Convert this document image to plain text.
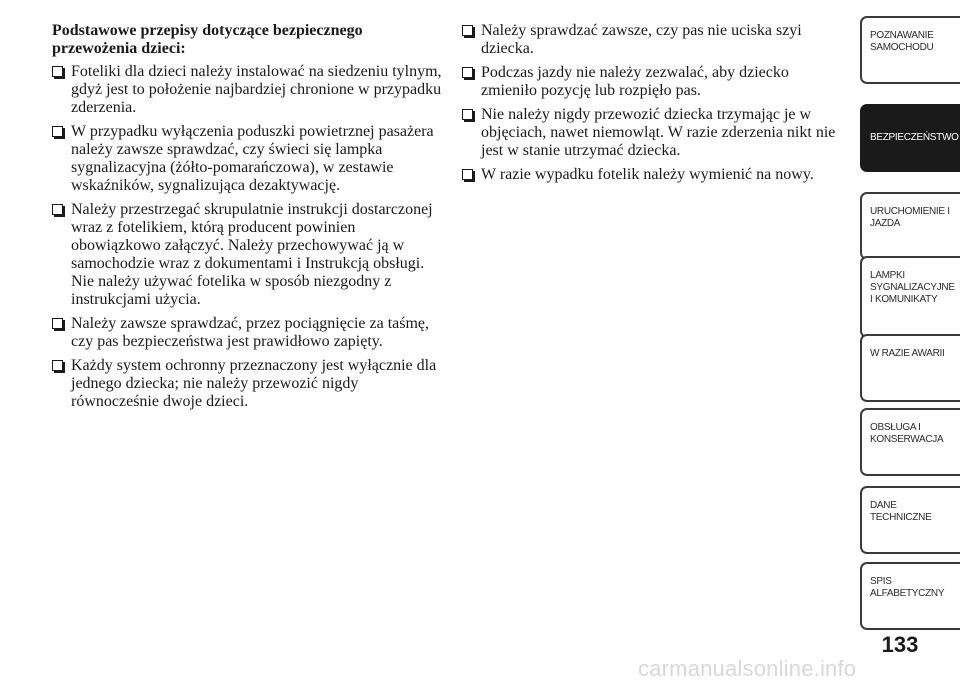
Podstawowe przepisy dotyczące bezpiecznego
przewożenia dzieci:
Foteliki dla dzieci należy instalować na siedzeniu tylnym, gdyż jest to położenie najbardziej chronione w przypadku zderzenia.
W przypadku wyłączenia poduszki powietrznej pasażera należy zawsze sprawdzać, czy świeci się lampka sygnalizacyjna (żółto-pomarańczowa), w zestawie wskaźników, sygnalizująca dezaktywację.
Należy przestrzegać skrupulatnie instrukcji dostarczonej wraz z fotelikiem, którą producent powinien obowiązkowo załączyć. Należy przechowywać ją w samochodzie wraz z dokumentami i Instrukcją obsługi. Nie należy używać fotelika w sposób niezgodny z instrukcjami użycia.
Należy zawsze sprawdzać, przez pociągnięcie za taśmę, czy pas bezpieczeństwa jest prawidłowo zapięty.
Każdy system ochronny przeznaczony jest wyłącznie dla jednego dziecka; nie należy przewozić nigdy równocześnie dwoje dzieci.
Należy sprawdzać zawsze, czy pas nie uciska szyi dziecka.
Podczas jazdy nie należy zezwalać, aby dziecko zmieniło pozycję lub rozpięło pas.
Nie należy nigdy przewozić dziecka trzymając je w objęciach, nawet niemowląt. W razie zderzenia nikt nie jest w stanie utrzymać dziecka.
W razie wypadku fotelik należy wymienić na nowy.
POZNAWANIE
SAMOCHODU
BEZPIECZEŃSTWO
URUCHOMIENIE I
JAZDA
LAMPKI
SYGNALIZACYJNE
I KOMUNIKATY
W RAZIE AWARII
OBSŁUGA I
KONSERWACJA
DANE
TECHNICZNE
SPIS
ALFABETYCZNY
133
carmanualsonline.info
